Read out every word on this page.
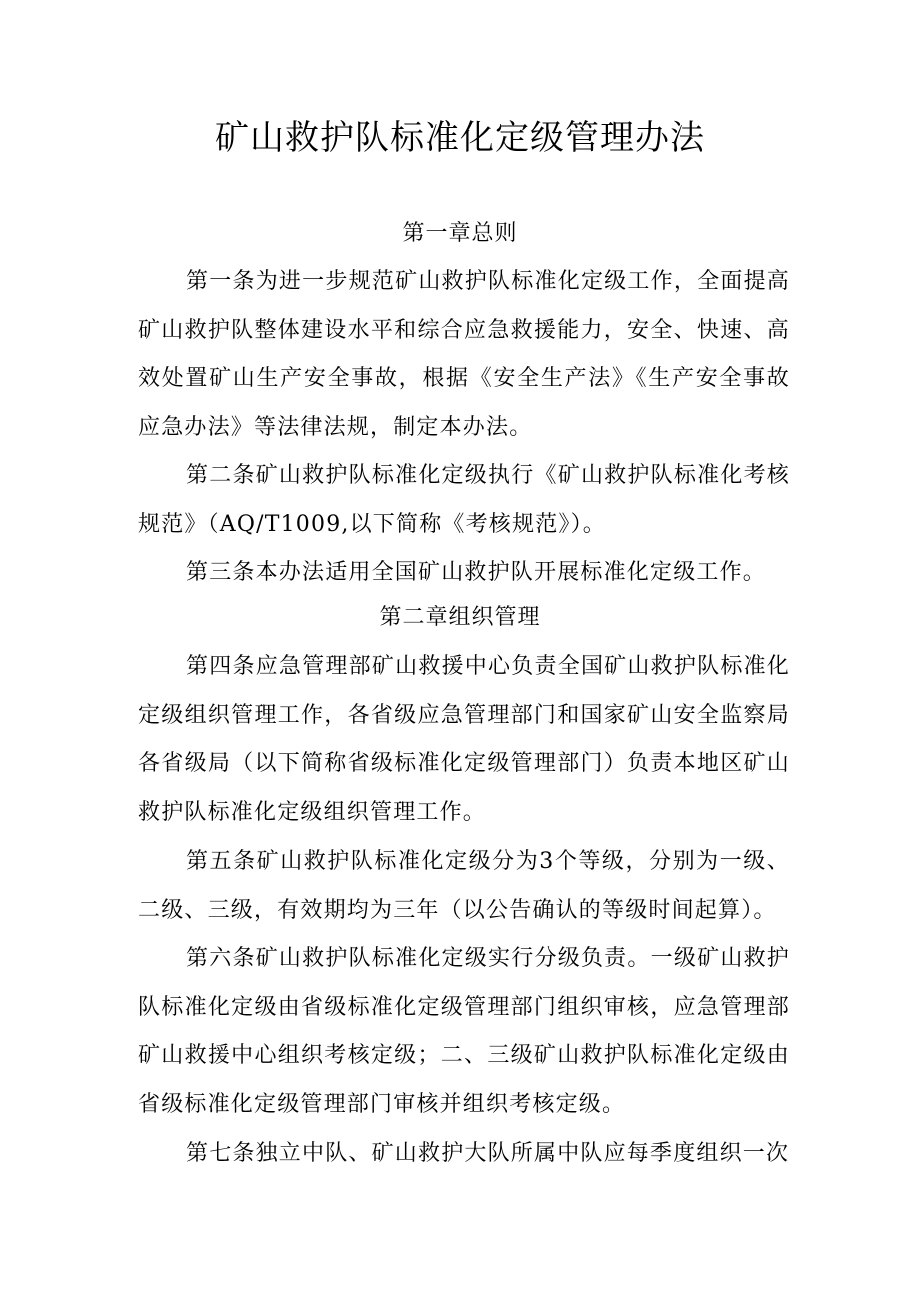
矿山救护队标准化定级管理办法
第一章总则

第一条为进一步规范矿山救护队标准化定级工作，全面提高矿山救护队整体建设水平和综合应急救援能力，安全、快速、高效处置矿山生产安全事故，根据《安全生产法》《生产安全事故应急办法》等法律法规，制定本办法。

第二条矿山救护队标准化定级执行《矿山救护队标准化考核规范》（AQ/T1009,以下简称《考核规范》）。

第三条本办法适用全国矿山救护队开展标准化定级工作。

第二章组织管理

第四条应急管理部矿山救援中心负责全国矿山救护队标准化定级组织管理工作，各省级应急管理部门和国家矿山安全监察局各省级局（以下简称省级标准化定级管理部门）负责本地区矿山救护队标准化定级组织管理工作。

第五条矿山救护队标准化定级分为3个等级，分别为一级、二级、三级，有效期均为三年（以公告确认的等级时间起算）。

第六条矿山救护队标准化定级实行分级负责。一级矿山救护队标准化定级由省级标准化定级管理部门组织审核，应急管理部矿山救援中心组织考核定级；二、三级矿山救护队标准化定级由省级标准化定级管理部门审核并组织考核定级。

第七条独立中队、矿山救护大队所属中队应每季度组织一次
